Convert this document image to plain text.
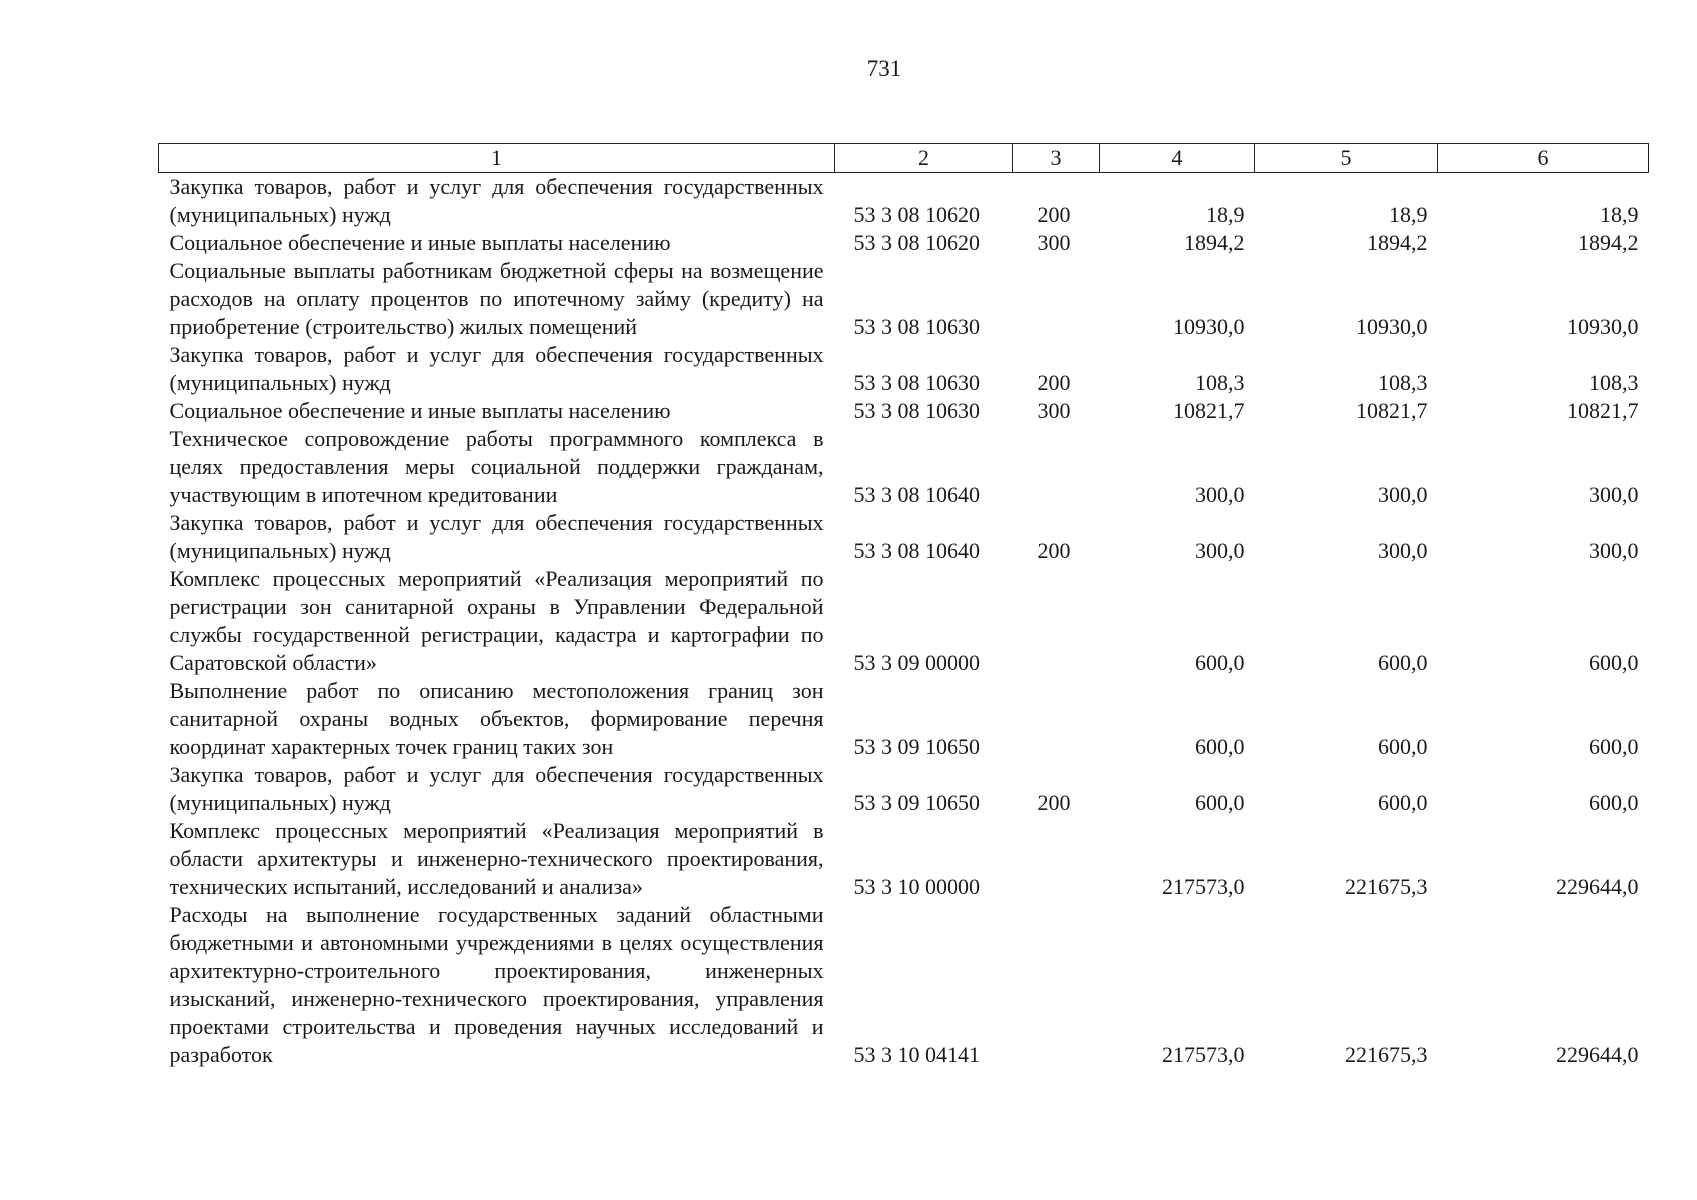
731
1	2	3	4	5	6
Закупка товаров, работ и услуг для обеспечения государственных (муниципальных) нужд	53 3 08 10620	200	18,9	18,9	18,9
Социальное обеспечение и иные выплаты населению	53 3 08 10620	300	1894,2	1894,2	1894,2
Социальные выплаты работникам бюджетной сферы на возмещение расходов на оплату процентов по ипотечному займу (кредиту) на приобретение (строительство) жилых помещений	53 3 08 10630		10930,0	10930,0	10930,0
Закупка товаров, работ и услуг для обеспечения государственных (муниципальных) нужд	53 3 08 10630	200	108,3	108,3	108,3
Социальное обеспечение и иные выплаты населению	53 3 08 10630	300	10821,7	10821,7	10821,7
Техническое сопровождение работы программного комплекса в целях предоставления меры социальной поддержки гражданам, участвующим в ипотечном кредитовании	53 3 08 10640		300,0	300,0	300,0
Закупка товаров, работ и услуг для обеспечения государственных (муниципальных) нужд	53 3 08 10640	200	300,0	300,0	300,0
Комплекс процессных мероприятий «Реализация мероприятий по регистрации зон санитарной охраны в Управлении Федеральной службы государственной регистрации, кадастра и картографии по Саратовской области»	53 3 09 00000		600,0	600,0	600,0
Выполнение работ по описанию местоположения границ зон санитарной охраны водных объектов, формирование перечня координат характерных точек границ таких зон	53 3 09 10650		600,0	600,0	600,0
Закупка товаров, работ и услуг для обеспечения государственных (муниципальных) нужд	53 3 09 10650	200	600,0	600,0	600,0
Комплекс процессных мероприятий «Реализация мероприятий в области архитектуры и инженерно-технического проектирования, технических испытаний, исследований и анализа»	53 3 10 00000		217573,0	221675,3	229644,0
Расходы на выполнение государственных заданий областными бюджетными и автономными учреждениями в целях осуществления архитектурно-строительного проектирования, инженерных изысканий, инженерно-технического проектирования, управления проектами строительства и проведения научных исследований и разработок	53 3 10 04141		217573,0	221675,3	229644,0
